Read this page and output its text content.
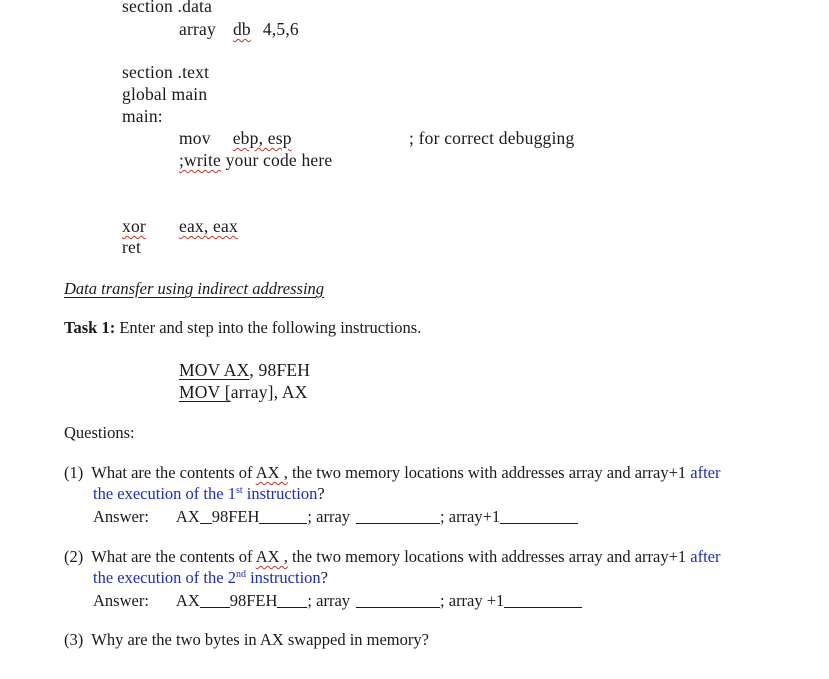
section .data
array db 4,5,6
section .text
global main
main:
mov ebp, esp	; for correct debugging
;write your code here
xor eax, eax
ret
Data transfer using indirect addressing
Task 1: Enter and step into the following instructions.
MOV AX, 98FEH
MOV [array], AX
Questions:
(1) What are the contents of AX , the two memory locations with addresses array and array+1 after
the execution of the 1st instruction?
Answer: AX 98FEH	; array	; array+1
(2) What are the contents of AX , the two memory locations with addresses array and array+1 after
the execution of the 2nd instruction?
Answer: AX 98FEH ; array	; array +1
(3) Why are the two bytes in AX swapped in memory?
